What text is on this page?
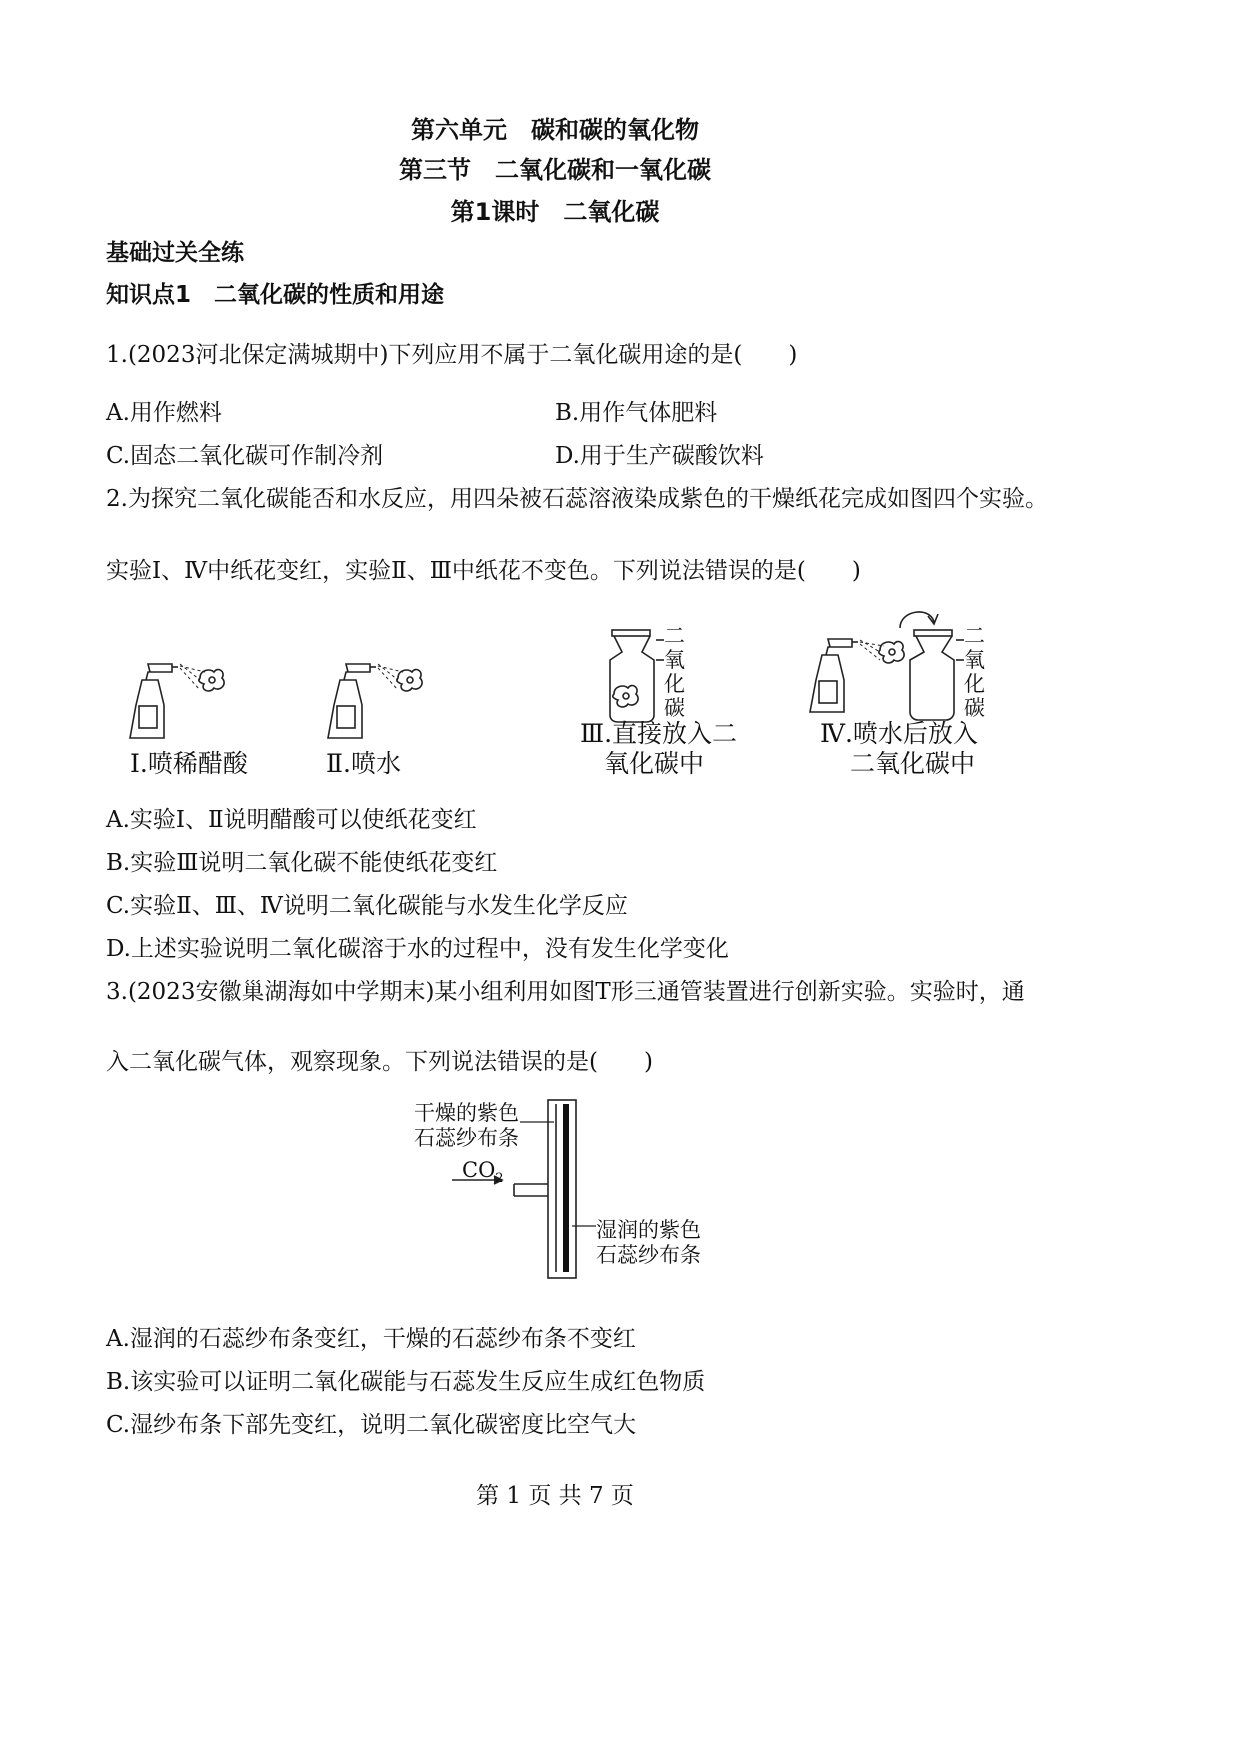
第六单元　碳和碳的氧化物
第三节　二氧化碳和一氧化碳
第1课时　二氧化碳
基础过关全练
知识点1　二氧化碳的性质和用途
1.(2023河北保定满城期中)下列应用不属于二氧化碳用途的是(　　)
A.用作燃料	B.用作气体肥料
C.固态二氧化碳可作制冷剂	D.用于生产碳酸饮料
2.为探究二氧化碳能否和水反应，用四朵被石蕊溶液染成紫色的干燥纸花完成如图四个实验。
实验Ⅰ、Ⅳ中纸花变红，实验Ⅱ、Ⅲ中纸花不变色。下列说法错误的是(　　)
二
氧
化
碳
二
氧
化
碳
Ⅰ.喷稀醋酸	Ⅱ.喷水
Ⅲ.直接放入二
氧化碳中
Ⅳ.喷水后放入
二氧化碳中
A.实验Ⅰ、Ⅱ说明醋酸可以使纸花变红
B.实验Ⅲ说明二氧化碳不能使纸花变红
C.实验Ⅱ、Ⅲ、Ⅳ说明二氧化碳能与水发生化学反应
D.上述实验说明二氧化碳溶于水的过程中，没有发生化学变化
3.(2023安徽巢湖海如中学期末)某小组利用如图T形三通管装置进行创新实验。实验时，通
入二氧化碳气体，观察现象。下列说法错误的是(　　)
干燥的紫色
石蕊纱布条
$CO_2$
湿润的紫色
石蕊纱布条
A.湿润的石蕊纱布条变红，干燥的石蕊纱布条不变红
B.该实验可以证明二氧化碳能与石蕊发生反应生成红色物质
C.湿纱布条下部先变红，说明二氧化碳密度比空气大
第 1 页 共 7 页
